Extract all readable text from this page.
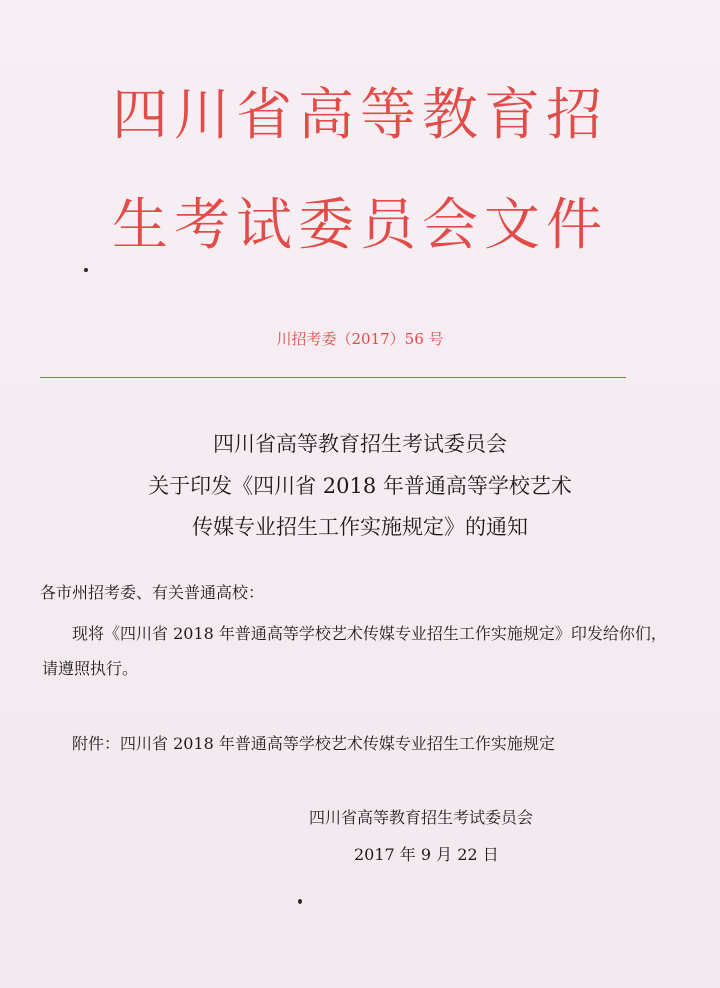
四川省高等教育招
生考试委员会文件
川招考委（2017）56 号
四川省高等教育招生考试委员会
关于印发《四川省 2018 年普通高等学校艺术
传媒专业招生工作实施规定》的通知
各市州招考委、有关普通高校：
现将《四川省 2018 年普通高等学校艺术传媒专业招生工作实施规定》印发给你们，
请遵照执行。
附件：四川省 2018 年普通高等学校艺术传媒专业招生工作实施规定
四川省高等教育招生考试委员会
2017 年 9 月 22 日
